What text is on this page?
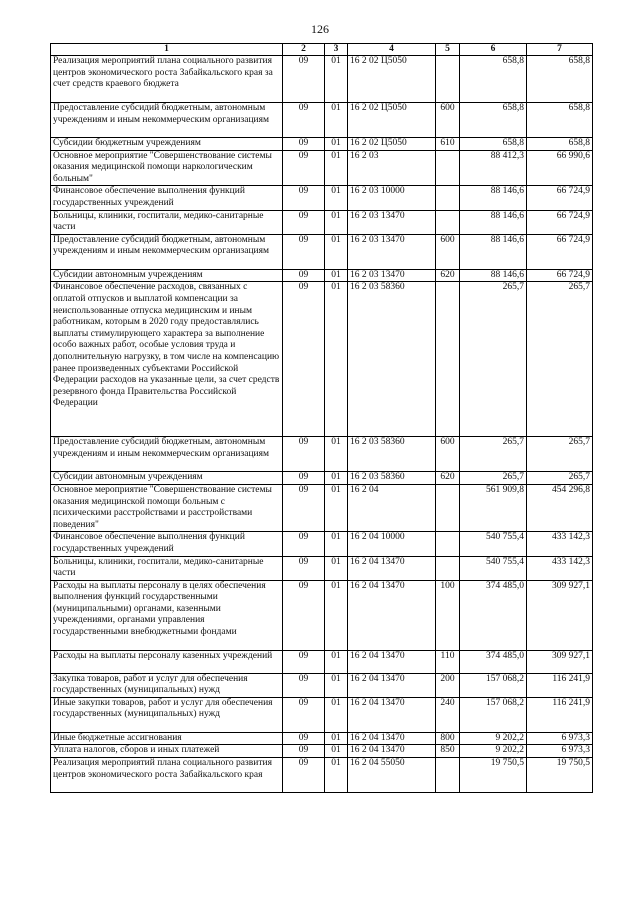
126
1	2	3	4	5	6	7
Реализация мероприятий плана социального развития центров экономического роста Забайкальского края за счет средств краевого бюджета	09	01	16 2 02 Ц5050		658,8	658,8
Предоставление субсидий бюджетным, автономным учреждениям и иным некоммерческим организациям	09	01	16 2 02 Ц5050	600	658,8	658,8
Субсидии бюджетным учреждениям	09	01	16 2 02 Ц5050	610	658,8	658,8
Основное мероприятие "Совершенствование системы оказания медицинской помощи наркологическим больным"	09	01	16 2 03		88 412,3	66 990,6
Финансовое обеспечение выполнения функций государственных учреждений	09	01	16 2 03 10000		88 146,6	66 724,9
Больницы, клиники, госпитали, медико-санитарные части	09	01	16 2 03 13470		88 146,6	66 724,9
Предоставление субсидий бюджетным, автономным учреждениям и иным некоммерческим организациям	09	01	16 2 03 13470	600	88 146,6	66 724,9
Субсидии автономным учреждениям	09	01	16 2 03 13470	620	88 146,6	66 724,9
Финансовое обеспечение расходов, связанных с оплатой отпусков и выплатой компенсации за неиспользованные отпуска медицинским и иным работникам, которым в 2020 году предоставлялись выплаты стимулирующего характера за выполнение особо важных работ, особые условия труда и дополнительную нагрузку, в том числе на компенсацию ранее произведенных субъектами Российской Федерации расходов на указанные цели, за счет средств резервного фонда Правительства Российской Федерации	09	01	16 2 03 58360		265,7	265,7
Предоставление субсидий бюджетным, автономным учреждениям и иным некоммерческим организациям	09	01	16 2 03 58360	600	265,7	265,7
Субсидии автономным учреждениям	09	01	16 2 03 58360	620	265,7	265,7
Основное мероприятие "Совершенствование системы оказания медицинской помощи больным с психическими расстройствами и расстройствами поведения"	09	01	16 2 04		561 909,8	454 296,8
Финансовое обеспечение выполнения функций государственных учреждений	09	01	16 2 04 10000		540 755,4	433 142,3
Больницы, клиники, госпитали, медико-санитарные части	09	01	16 2 04 13470		540 755,4	433 142,3
Расходы на выплаты персоналу в целях обеспечения выполнения функций государственными (муниципальными) органами, казенными учреждениями, органами управления государственными внебюджетными фондами	09	01	16 2 04 13470	100	374 485,0	309 927,1
Расходы на выплаты персоналу казенных учреждений	09	01	16 2 04 13470	110	374 485,0	309 927,1
Закупка товаров, работ и услуг для обеспечения государственных (муниципальных) нужд	09	01	16 2 04 13470	200	157 068,2	116 241,9
Иные закупки товаров, работ и услуг для обеспечения государственных (муниципальных) нужд	09	01	16 2 04 13470	240	157 068,2	116 241,9
Иные бюджетные ассигнования	09	01	16 2 04 13470	800	9 202,2	6 973,3
Уплата налогов, сборов и иных платежей	09	01	16 2 04 13470	850	9 202,2	6 973,3
Реализация мероприятий плана социального развития центров экономического роста Забайкальского края	09	01	16 2 04 55050		19 750,5	19 750,5
